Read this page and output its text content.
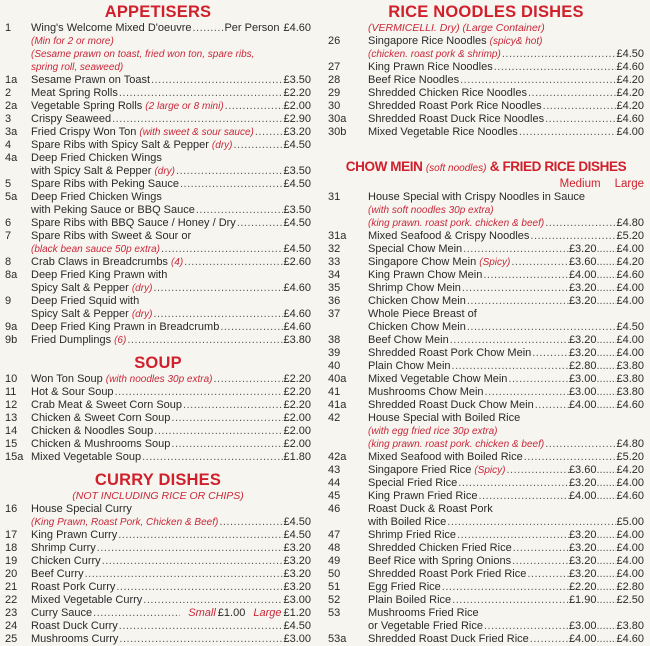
APPETISERS
1	Wing's Welcome Mixed D'oeuvre .....	Per Person £4.60
(Min for 2 or more)
(Sesame prawn on toast, fried won ton, spare ribs,
spring roll, seaweed)
1a	Sesame Prawn on Toast .....	£3.50
2	Meat Spring Rolls .....	£2.20
2a	Vegetable Spring Rolls (2 large or 8 mini) .....	£2.00
3	Crispy Seaweed .....	£2.90
3a	Fried Crispy Won Ton (with sweet & sour sauce) .....	£3.20
4	Spare Ribs with Spicy Salt & Pepper (dry) .....	£4.50
4a	Deep Fried Chicken Wings
with Spicy Salt & Pepper (dry) .....	£3.50
5	Spare Ribs with Peking Sauce .....	£4.50
5a	Deep Fried Chicken Wings
with Peking Sauce or BBQ Sauce .....	£3.50
6	Spare Ribs with BBQ Sauce / Honey / Dry .....	£4.50
7	Spare Ribs with Sweet & Sour or
(black bean sauce 50p extra) .....	£4.50
8	Crab Claws in Breadcrumbs (4) .....	£2.60
8a	Deep Fried King Prawn with
Spicy Salt & Pepper (dry) .....	£4.60
9	Deep Fried Squid with
Spicy Salt & Pepper (dry) .....	£4.60
9a	Deep Fried King Prawn in Breadcrumb .....	£4.60
9b	Fried Dumplings (6) .....	£3.80
SOUP
10	Won Ton Soup (with noodles 30p extra) .....	£2.20
11	Hot & Sour Soup .....	£2.20
12	Crab Meat & Sweet Corn Soup .....	£2.20
13	Chicken & Sweet Corn Soup .....	£2.00
14	Chicken & Noodles Soup .....	£2.00
15	Chicken & Mushrooms Soup .....	£2.00
15a Mixed Vegetable Soup .....	£1.80
CURRY DISHES
(NOT INCLUDING RICE OR CHIPS)
16	House Special Curry
(King Prawn, Roast Pork, Chicken & Beef) .....	£4.50
17	King Prawn Curry .....	£4.50
18	Shrimp Curry .....	£3.20
19	Chicken Curry .....	£3.20
20	Beef Curry .....	£3.20
21	Roast Pork Curry .....	£3.20
22	Mixed Vegetable Curry .....	£3.00
23	Curry Sauce .....	Small £1.00 Large £1.20
24	Roast Duck Curry .....	£4.50
25	Mushrooms Curry .....	£3.00
RICE NOODLES DISHES
(VERMICELLI. Dry) (Large Container)
26	Singapore Rice Noodles (spicy& hot)
(chicken. roast pork & shrimp) .....	£4.50
27	King Prawn Rice Noodles .....	£4.60
28	Beef Rice Noodles .....	£4.20
29	Shredded Chicken Rice Noodles .....	£4.20
30	Shredded Roast Pork Rice Noodles .....	£4.20
30a	Shredded Roast Duck Rice Noodles .....	£4.60
30b	Mixed Vegetable Rice Noodles .....	£4.00
CHOW MEIN (soft noodles) & FRIED RICE DISHES
Medium Large
31	House Special with Crispy Noodles in Sauce
(with soft noodles 30p extra)
(king prawn. roast pork. chicken & beef) .....	£4.80
31a	Mixed Seafood & Crispy Noodles .....	£5.20
32	Special Chow Mein .....	£3.20 ........ £4.00
33	Singapore Chow Mein (Spicy) .....	£3.60 ........ £4.20
34	King Prawn Chow Mein .....	£4.00 ........ £4.60
35	Shrimp Chow Mein .....	£3.20 ........ £4.00
36	Chicken Chow Mein .....	£3.20 ........ £4.00
37	Whole Piece Breast of
Chicken Chow Mein .....	£4.50
38	Beef Chow Mein .....	£3.20 ........ £4.00
39	Shredded Roast Pork Chow Mein .....	£3.20 ........ £4.00
40	Plain Chow Mein .....	£2.80 ........ £3.80
40a	Mixed Vegetable Chow Mein .....	£3.00 ........ £3.80
41	Mushrooms Chow Mein .....	£3.00 ........ £3.80
41a	Shredded Roast Duck Chow Mein .....	£4.00 ........ £4.60
42	House Special with Boiled Rice
(with egg fried rice 30p extra)
(king prawn. roast pork. chicken & beef) .....	£4.80
42a	Mixed Seafood with Boiled Rice .....	£5.20
43	Singapore Fried Rice (Spicy) .....	£3.60 ........ £4.20
44	Special Fried Rice .....	£3.20 ........ £4.00
45	King Prawn Fried Rice .....	£4.00 ........ £4.60
46	Roast Duck & Roast Pork
with Boiled Rice .....	£5.00
47	Shrimp Fried Rice .....	£3.20 ........ £4.00
48	Shredded Chicken Fried Rice .....	£3.20 ........ £4.00
49	Beef Rice with Spring Onions .....	£3.20 ........ £4.00
50	Shredded Roast Pork Fried Rice .....	£3.20 ........ £4.00
51	Egg Fried Rice .....	£2.20 ........ £2.80
52	Plain Boiled Rice .....	£1.90 ........ £2.50
53	Mushrooms Fried Rice
or Vegetable Fried Rice .....	£3.00 ........ £3.80
53a	Shredded Roast Duck Fried Rice .....	£4.00 ........ £4.60
